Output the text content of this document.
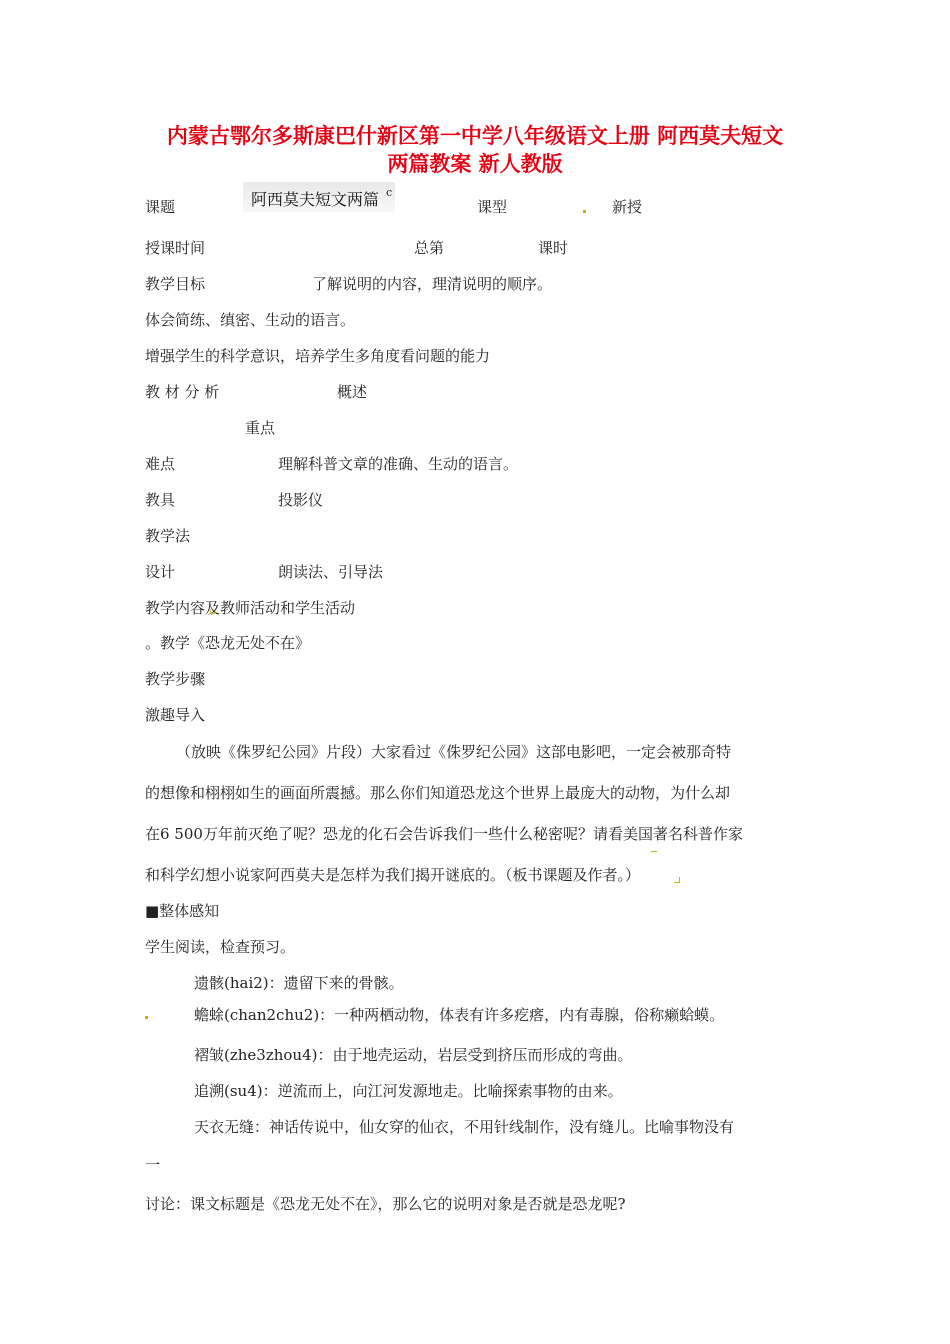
内蒙古鄂尔多斯康巴什新区第一中学八年级语文上册 阿西莫夫短文
两篇教案 新人教版
课题	阿西莫夫短文两篇 c
课型	新授
授课时间	总第	课时
教学目标	了解说明的内容，理清说明的顺序。
体会简练、缜密、生动的语言。
增强学生的科学意识，培养学生多角度看问题的能力
教 材 分 析	概述
重点
难点	理解科普文章的准确、生动的语言。
教具	投影仪
教学法
设计	朗读法、引导法
教学内容及教师活动和学生活动
。教学《恐龙无处不在》
教学步骤
激趣导入
（放映《侏罗纪公园》片段）大家看过《侏罗纪公园》这部电影吧，一定会被那奇特
的想像和栩栩如生的画面所震撼。那么你们知道恐龙这个世界上最庞大的动物，为什么却
在6 500万年前灭绝了呢？恐龙的化石会告诉我们一些什么秘密呢？请看美国著名科普作家
和科学幻想小说家阿西莫夫是怎样为我们揭开谜底的。（板书课题及作者。）
■整体感知
学生阅读，检查预习。
遗骸(hai2)：遗留下来的骨骸。
蟾蜍(chan2chu2)：一种两栖动物，体表有许多疙瘩，内有毒腺，俗称癞蛤蟆。
褶皱(zhe3zhou4)：由于地壳运动，岩层受到挤压而形成的弯曲。
追溯(su4)：逆流而上，向江河发源地走。比喻探索事物的由来。
天衣无缝：神话传说中，仙女穿的仙衣，不用针线制作，没有缝儿。比喻事物没有
一
讨论：课文标题是《恐龙无处不在》，那么它的说明对象是否就是恐龙呢?
